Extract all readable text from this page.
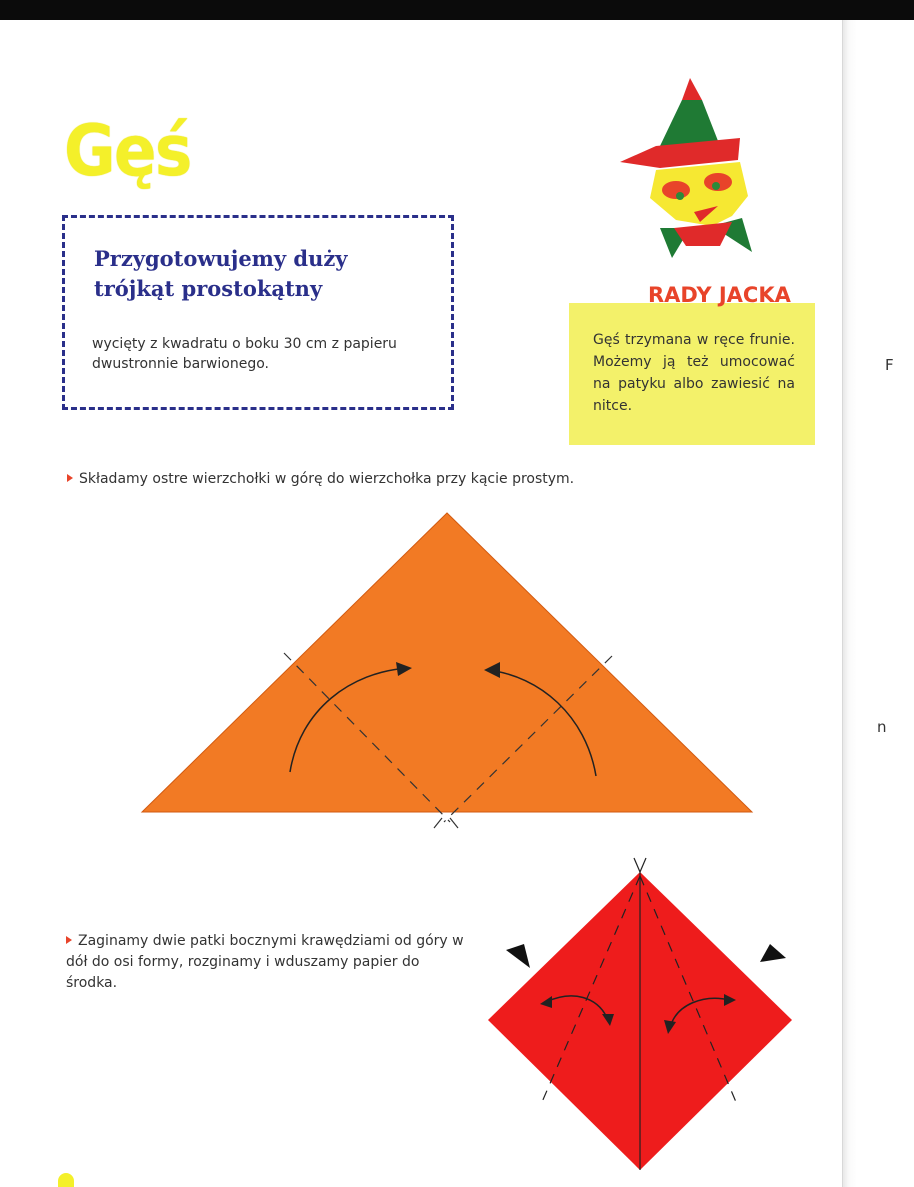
F
n
Gęś
Przygotowujemy duży trójkąt prostokątny
wycięty z kwadratu o boku 30 cm z papieru dwustronnie barwionego.
RADY JACKA
Gęś trzymana w ręce frunie. Możemy ją też umocować na patyku albo zawiesić na nitce.
Składamy ostre wierzchołki w górę do wierzchołka przy kącie prostym.
Zaginamy dwie patki bocznymi krawędziami od góry w dół do osi formy, rozginamy i wduszamy papier do środka.
